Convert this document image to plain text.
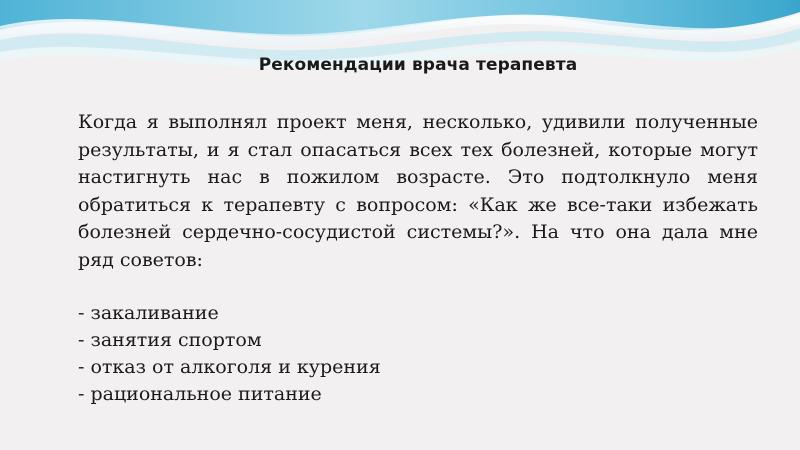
Рекомендации врача терапевта

Когда я выполнял проект меня, несколько, удивили полученные результаты, и я стал опасаться всех тех болезней, которые могут настигнуть нас в пожилом возрасте. Это подтолкнуло меня обратиться к терапевту с вопросом: «Как же все-таки избежать болезней сердечно-сосудистой системы?». На что она дала мне ряд советов:

- закаливание
- занятия спортом
- отказ от алкоголя и курения
- рациональное питание
